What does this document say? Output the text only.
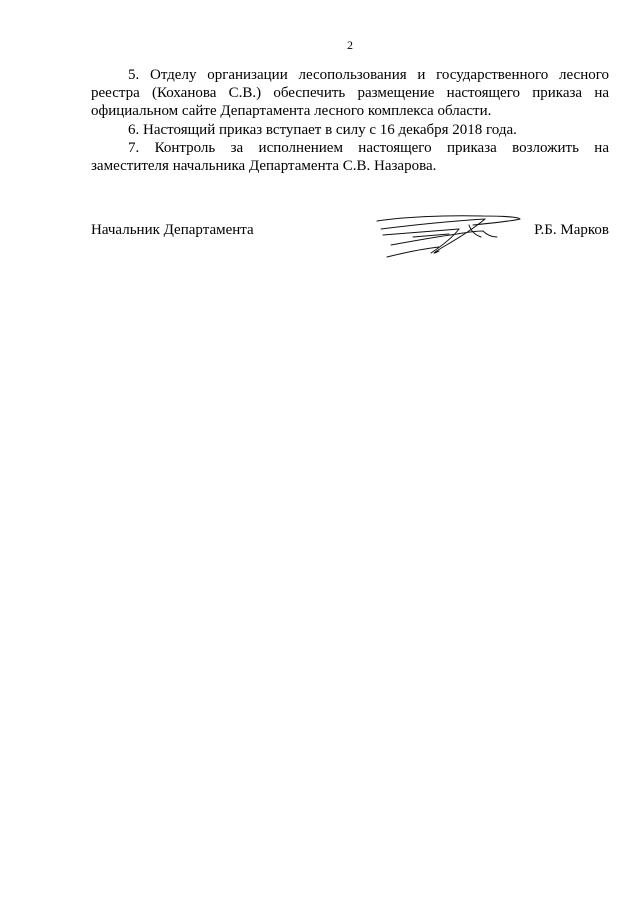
2

5. Отделу организации лесопользования и государственного лесного реестра (Коханова С.В.) обеспечить размещение настоящего приказа на официальном сайте Департамента лесного комплекса области.

6. Настоящий приказ вступает в силу с 16 декабря 2018 года.

7. Контроль за исполнением настоящего приказа возложить на заместителя начальника Департамента С.В. Назарова.

Начальник Департамента	Р.Б. Марков
